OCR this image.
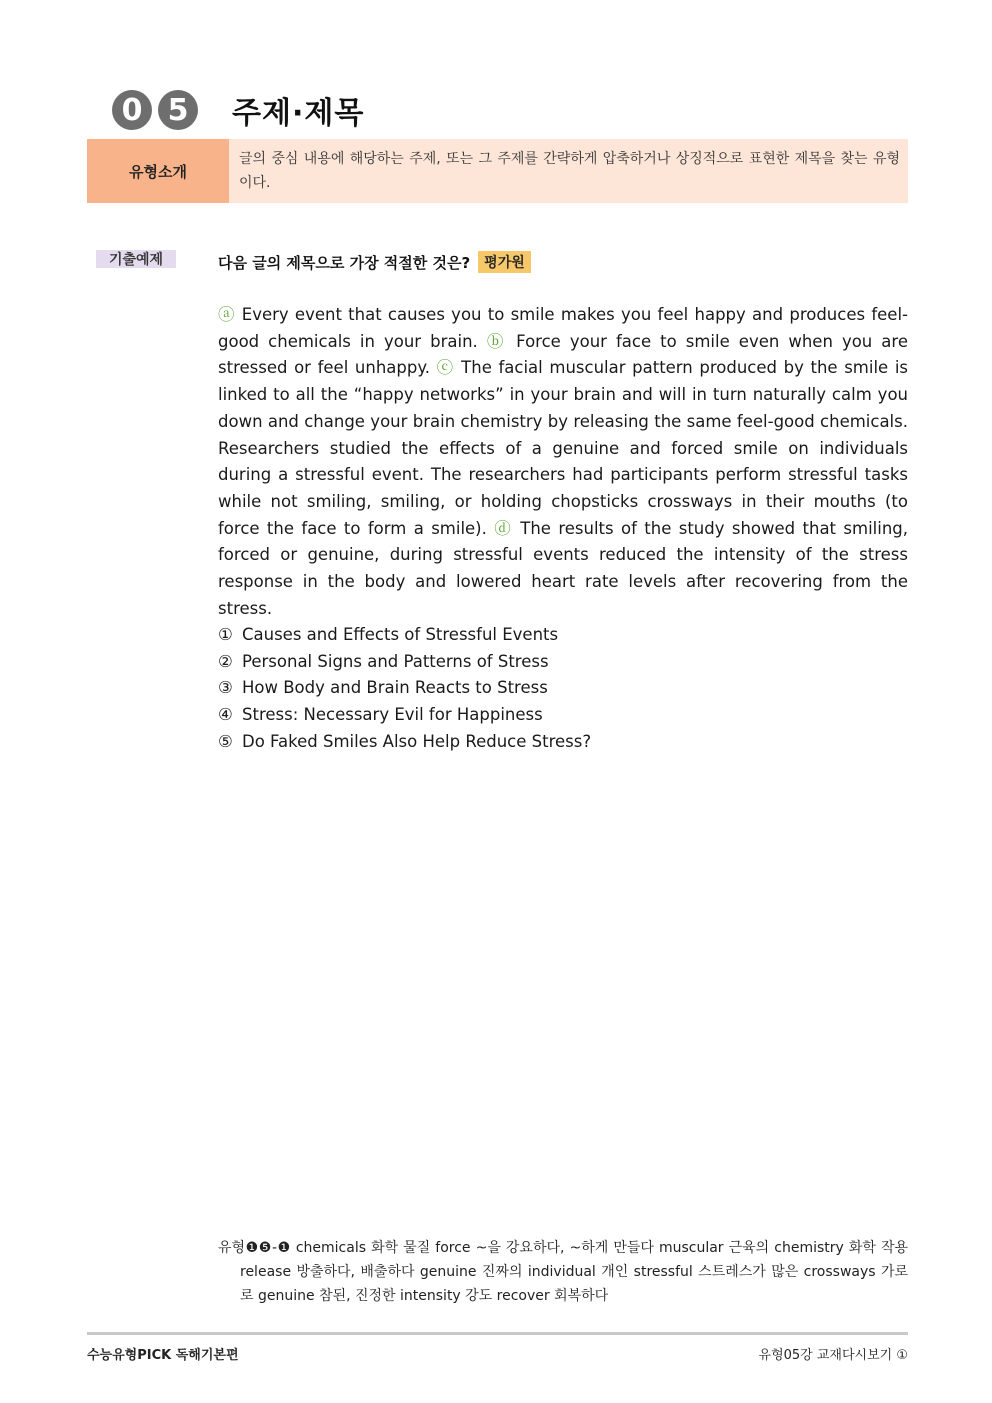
0 5	주제·제목
유형소개
글의 중심 내용에 해당하는 주제, 또는 그 주제를 간략하게 압축하거나 상징적으로 표현한 제목을 찾는 유형이다.
기출예제	다음 글의 제목으로 가장 적절한 것은?	평가원
ⓐ Every event that causes you to smile makes you feel happy and produces feel-good chemicals in your brain. ⓑ Force your face to smile even when you are stressed or feel unhappy. ⓒ The facial muscular pattern produced by the smile is linked to all the “happy networks” in your brain and will in turn naturally calm you down and change your brain chemistry by releasing the same feel-good chemicals. Researchers studied the effects of a genuine and forced smile on individuals during a stressful event. The researchers had participants perform stressful tasks while not smiling, smiling, or holding chopsticks crossways in their mouths (to force the face to form a smile). ⓓ The results of the study showed that smiling, forced or genuine, during stressful events reduced the intensity of the stress response in the body and lowered heart rate levels after recovering from the stress.
① Causes and Effects of Stressful Events
② Personal Signs and Patterns of Stress
③ How Body and Brain Reacts to Stress
④ Stress: Necessary Evil for Happiness
⑤ Do Faked Smiles Also Help Reduce Stress?
유형❶❺-❶ chemicals 화학 물질 force ~을 강요하다, ~하게 만들다 muscular 근육의 chemistry 화학 작용 release 방출하다, 배출하다 genuine 진짜의 individual 개인 stressful 스트레스가 많은 crossways 가로로 genuine 참된, 진정한 intensity 강도 recover 회복하다
수능유형PICK 독해기본편	유형05강 교재다시보기 ①
